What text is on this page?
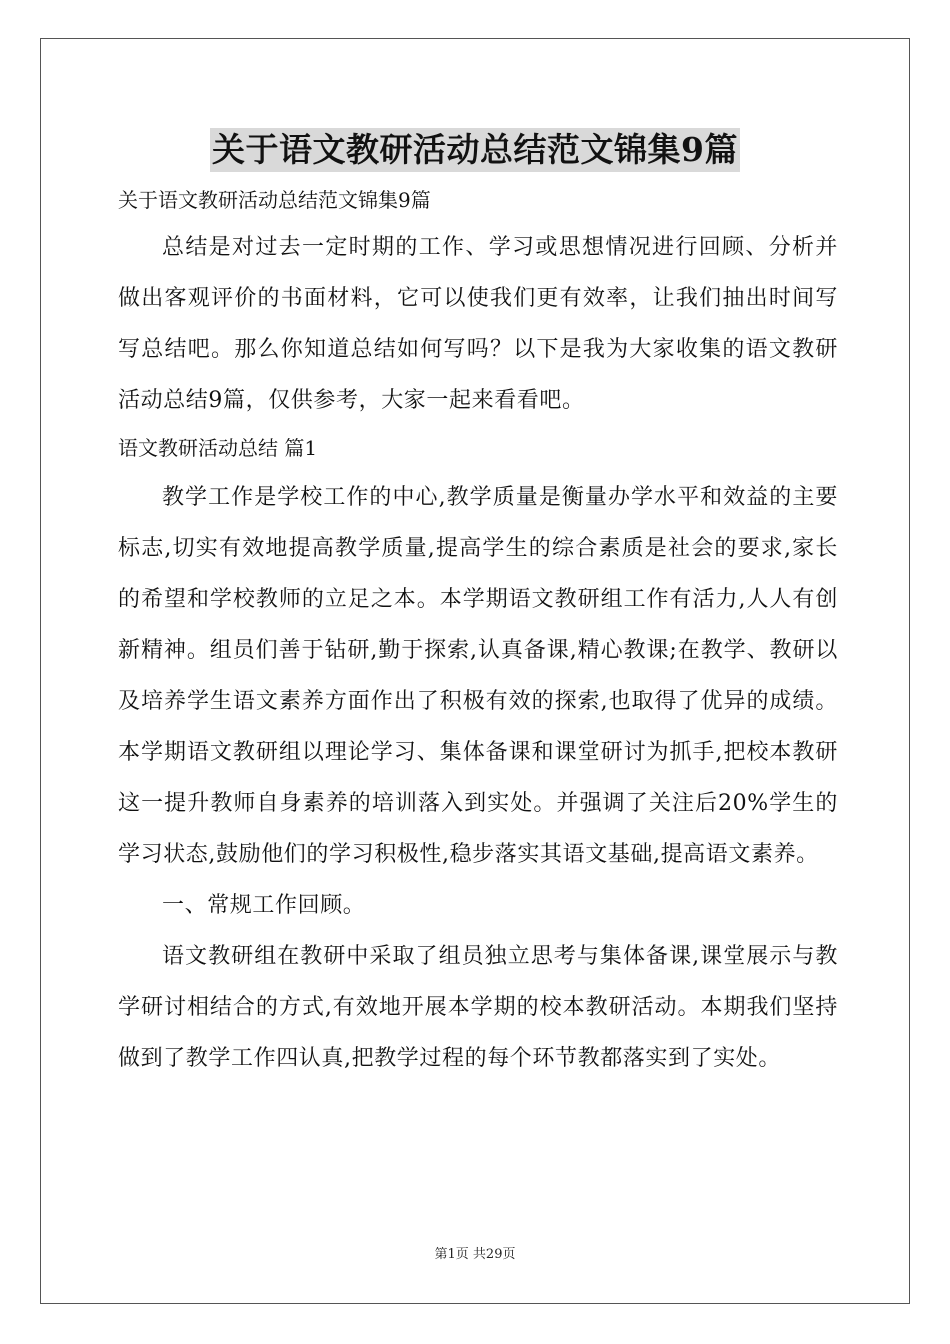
关于语文教研活动总结范文锦集9篇

关于语文教研活动总结范文锦集9篇

总结是对过去一定时期的工作、学习或思想情况进行回顾、分析并做出客观评价的书面材料，它可以使我们更有效率，让我们抽出时间写写总结吧。那么你知道总结如何写吗？以下是我为大家收集的语文教研活动总结9篇，仅供参考，大家一起来看看吧。

语文教研活动总结 篇1

教学工作是学校工作的中心,教学质量是衡量办学水平和效益的主要标志,切实有效地提高教学质量,提高学生的综合素质是社会的要求,家长的希望和学校教师的立足之本。本学期语文教研组工作有活力,人人有创新精神。组员们善于钻研,勤于探索,认真备课,精心教课;在教学、教研以及培养学生语文素养方面作出了积极有效的探索,也取得了优异的成绩。本学期语文教研组以理论学习、集体备课和课堂研讨为抓手,把校本教研这一提升教师自身素养的培训落入到实处。并强调了关注后20%学生的学习状态,鼓励他们的学习积极性,稳步落实其语文基础,提高语文素养。

一、常规工作回顾。

语文教研组在教研中采取了组员独立思考与集体备课,课堂展示与教学研讨相结合的方式,有效地开展本学期的校本教研活动。本期我们坚持做到了教学工作四认真,把教学过程的每个环节教都落实到了实处。

第1页 共29页
